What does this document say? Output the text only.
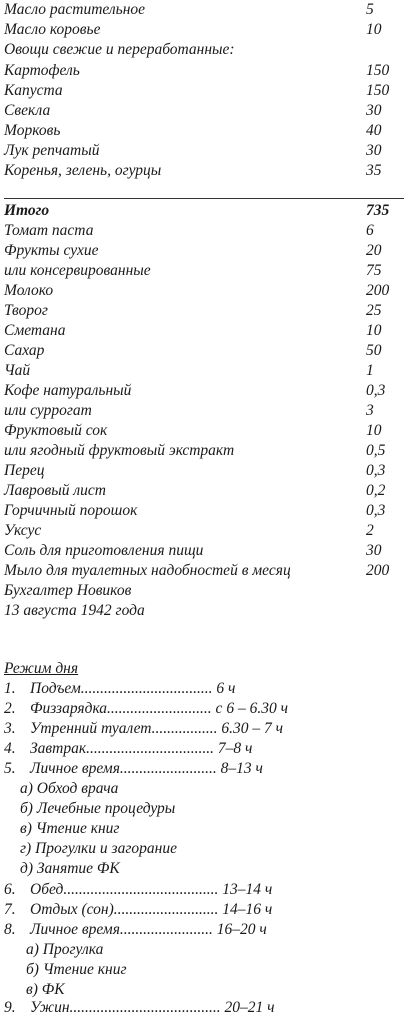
Масло растительное	5
Масло коровье	10
Овощи свежие и переработанные:
Картофель	150
Капуста	150
Свекла	30
Морковь	40
Лук репчатый	30
Коренья, зелень, огурцы	35
Итого	735
Томат паста	6
Фрукты сухие	20
или консервированные	75
Молоко	200
Творог	25
Сметана	10
Сахар	50
Чай	1
Кофе натуральный	0,3
или суррогат	3
Фруктовый сок	10
или ягодный фруктовый экстракт	0,5
Перец	0,3
Лавровый лист	0,2
Горчичный порошок	0,3
Уксус	2
Соль для приготовления пищи	30
Мыло для туалетных надобностей в месяц	200
Бухгалтер Новиков
13 августа 1942 года
Режим дня
1. Подъем.................................. 6 ч
2. Физзарядка........................... с 6 – 6.30 ч
3. Утренний туалет................. 6.30 – 7 ч
4. Завтрак................................. 7–8 ч
5. Личное время......................... 8–13 ч
а) Обход врача
б) Лечебные процедуры
в) Чтение книг
г) Прогулки и загорание
д) Занятие ФК
6. Обед........................................ 13–14 ч
7. Отдых (сон)........................... 14–16 ч
8. Личное время........................ 16–20 ч
а) Прогулка
б) Чтение книг
в) ФК
9. Ужин....................................... 20–21 ч
